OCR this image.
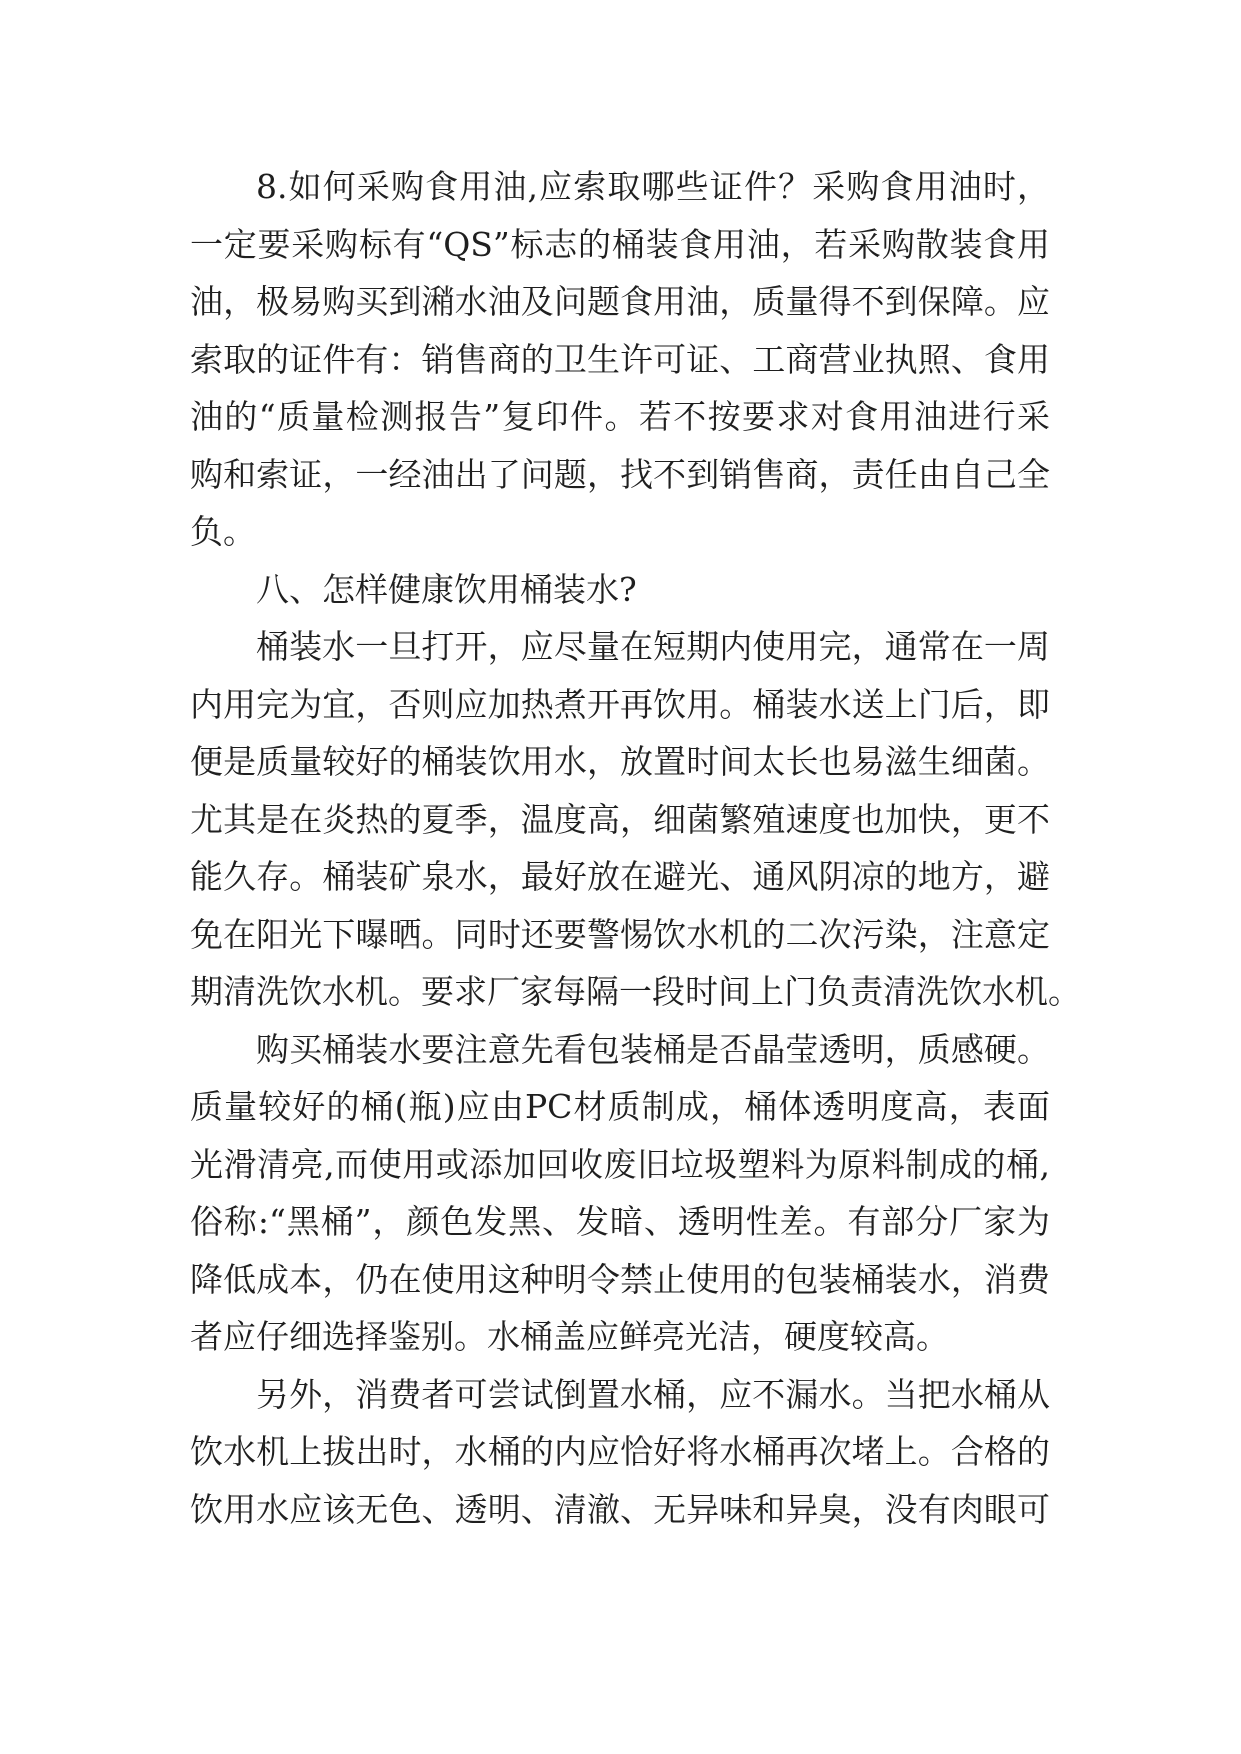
8.如何采购食用油,应索取哪些证件？采购食用油时，
一定要采购标有“QS”标志的桶装食用油，若采购散装食用
油，极易购买到潲水油及问题食用油，质量得不到保障。应
索取的证件有：销售商的卫生许可证、工商营业执照、食用
油的“质量检测报告”复印件。若不按要求对食用油进行采
购和索证，一经油出了问题，找不到销售商，责任由自己全
负。
八、怎样健康饮用桶装水?
桶装水一旦打开，应尽量在短期内使用完，通常在一周
内用完为宜，否则应加热煮开再饮用。桶装水送上门后，即
便是质量较好的桶装饮用水，放置时间太长也易滋生细菌。
尤其是在炎热的夏季，温度高，细菌繁殖速度也加快，更不
能久存。桶装矿泉水，最好放在避光、通风阴凉的地方，避
免在阳光下曝晒。同时还要警惕饮水机的二次污染，注意定
期清洗饮水机。要求厂家每隔一段时间上门负责清洗饮水机。
购买桶装水要注意先看包装桶是否晶莹透明，质感硬。
质量较好的桶(瓶)应由PC材质制成，桶体透明度高，表面
光滑清亮,而使用或添加回收废旧垃圾塑料为原料制成的桶,
俗称:“黑桶”，颜色发黑、发暗、透明性差。有部分厂家为
降低成本，仍在使用这种明令禁止使用的包装桶装水，消费
者应仔细选择鉴别。水桶盖应鲜亮光洁，硬度较高。
另外，消费者可尝试倒置水桶，应不漏水。当把水桶从
饮水机上拔出时，水桶的内应恰好将水桶再次堵上。合格的
饮用水应该无色、透明、清澈、无异味和异臭，没有肉眼可
